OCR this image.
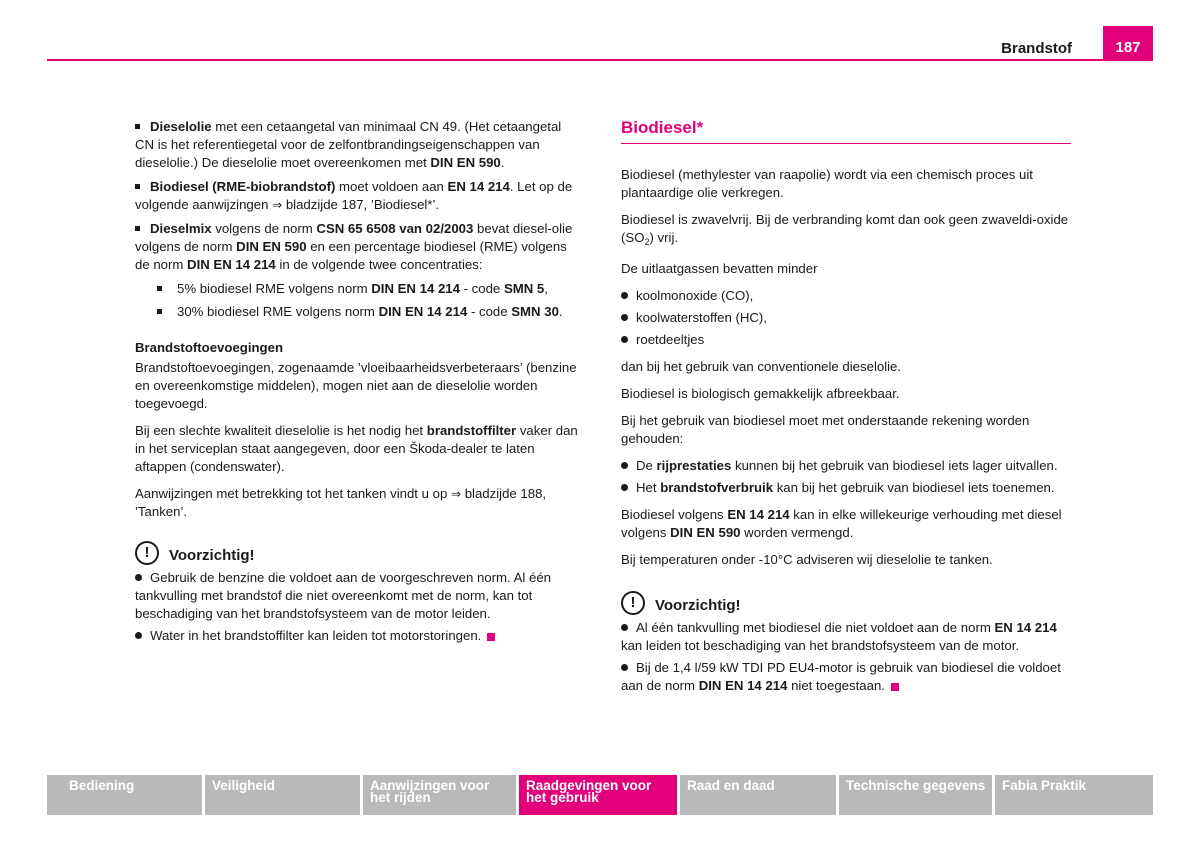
Brandstof	187

Dieselolie met een cetaangetal van minimaal CN 49. (Het cetaangetal CN is het referentiegetal voor de zelfontbrandingseigenschappen van dieselolie.) De dieselolie moet overeenkomen met DIN EN 590.

Biodiesel (RME-biobrandstof) moet voldoen aan EN 14 214. Let op de volgende aanwijzingen ⇒ bladzijde 187, ’Biodiesel*’.

Dieselmix volgens de norm CSN 65 6508 van 02/2003 bevat diesel-olie volgens de norm DIN EN 590 en een percentage biodiesel (RME) volgens de norm DIN EN 14 214 in de volgende twee concentraties:

5% biodiesel RME volgens norm DIN EN 14 214 - code SMN 5,

30% biodiesel RME volgens norm DIN EN 14 214 - code SMN 30.

Brandstoftoevoegingen

Brandstoftoevoegingen, zogenaamde ’vloeibaarheidsverbeteraars’ (benzine en overeenkomstige middelen), mogen niet aan de dieselolie worden toegevoegd.

Bij een slechte kwaliteit dieselolie is het nodig het brandstoffilter vaker dan in het serviceplan staat aangegeven, door een Škoda-dealer te laten aftappen (condenswater).

Aanwijzingen met betrekking tot het tanken vindt u op ⇒ bladzijde 188, ’Tanken’.

!	Voorzichtig!

Gebruik de benzine die voldoet aan de voorgeschreven norm. Al één tankvulling met brandstof die niet overeenkomt met de norm, kan tot beschadiging van het brandstofsysteem van de motor leiden.

Water in het brandstoffilter kan leiden tot motorstoringen.

Biodiesel*

Biodiesel (methylester van raapolie) wordt via een chemisch proces uit plantaardige olie verkregen.

Biodiesel is zwavelvrij. Bij de verbranding komt dan ook geen zwaveldi-oxide $(SO_2)$ vrij.

De uitlaatgassen bevatten minder

koolmonoxide (CO),

koolwaterstoffen (HC),

roetdeeltjes

dan bij het gebruik van conventionele dieselolie.

Biodiesel is biologisch gemakkelijk afbreekbaar.

Bij het gebruik van biodiesel moet met onderstaande rekening worden gehouden:

De rijprestaties kunnen bij het gebruik van biodiesel iets lager uitvallen.

Het brandstofverbruik kan bij het gebruik van biodiesel iets toenemen.

Biodiesel volgens EN 14 214 kan in elke willekeurige verhouding met diesel volgens DIN EN 590 worden vermengd.

Bij temperaturen onder -10°C adviseren wij dieselolie te tanken.

!	Voorzichtig!

Al één tankvulling met biodiesel die niet voldoet aan de norm EN 14 214 kan leiden tot beschadiging van het brandstofsysteem van de motor.

Bij de 1,4 l/59 kW TDI PD EU4-motor is gebruik van biodiesel die voldoet aan de norm DIN EN 14 214 niet toegestaan.

Bediening	Veiligheid	Aanwijzingen voor
het rijden
Raadgevingen voor
het gebruik
Raad en daad	Technische gegevens	Fabia Praktik
